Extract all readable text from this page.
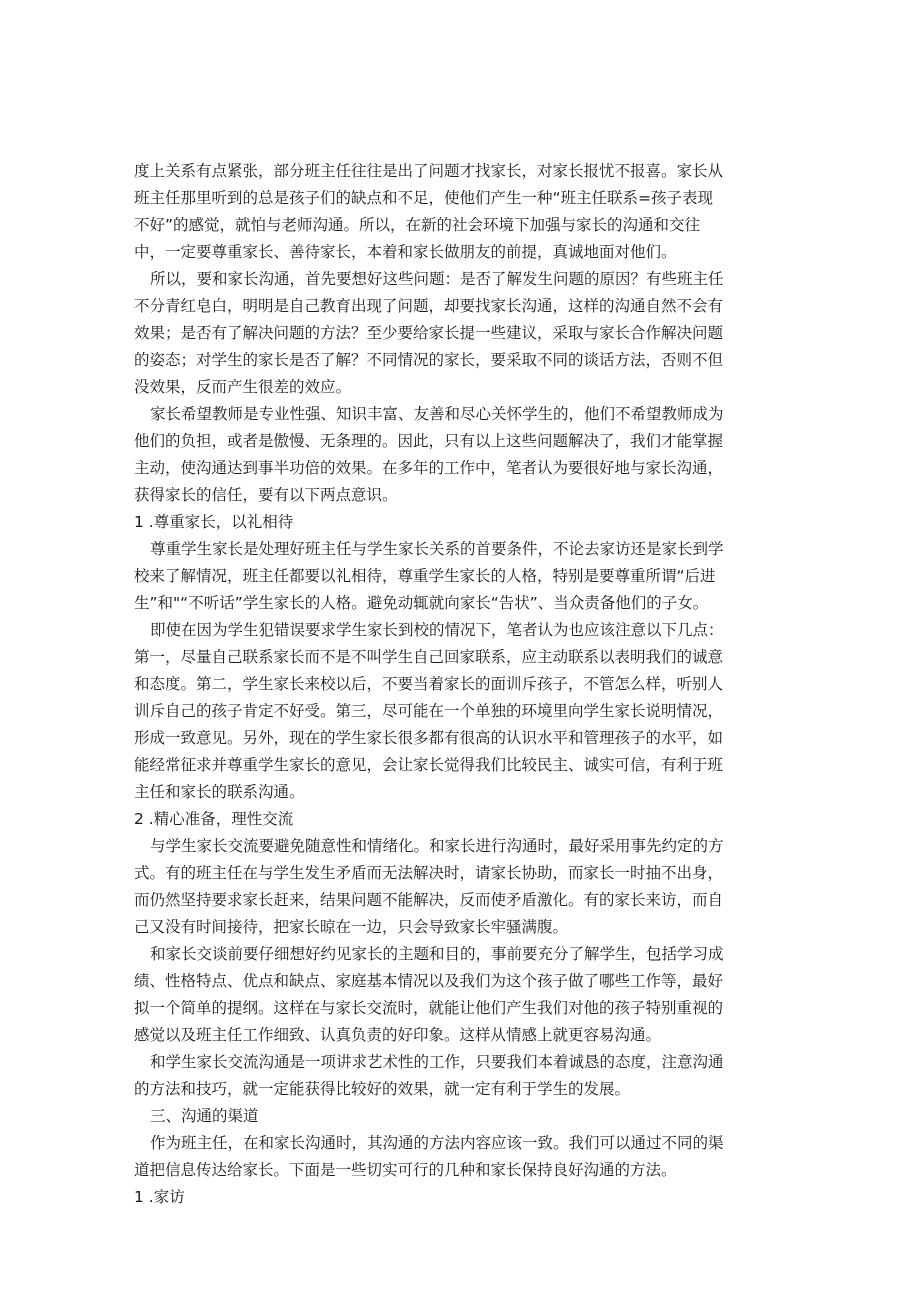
度上关系有点紧张，部分班主任往往是出了问题才找家长，对家长报忧不报喜。家长从
班主任那里听到的总是孩子们的缺点和不足，使他们产生一种“班主任联系=孩子表现
不好”的感觉，就怕与老师沟通。所以，在新的社会环境下加强与家长的沟通和交往
中，一定要尊重家长、善待家长，本着和家长做朋友的前提，真诚地面对他们。
所以，要和家长沟通，首先要想好这些问题：是否了解发生问题的原因？有些班主任
不分青红皂白，明明是自己教育出现了问题，却要找家长沟通，这样的沟通自然不会有
效果；是否有了解决问题的方法？至少要给家长提一些建议，采取与家长合作解决问题
的姿态；对学生的家长是否了解？不同情况的家长，要采取不同的谈话方法，否则不但
没效果，反而产生很差的效应。
家长希望教师是专业性强、知识丰富、友善和尽心关怀学生的，他们不希望教师成为
他们的负担，或者是傲慢、无条理的。因此，只有以上这些问题解决了，我们才能掌握
主动，使沟通达到事半功倍的效果。在多年的工作中，笔者认为要很好地与家长沟通，
获得家长的信任，要有以下两点意识。
1 .尊重家长，以礼相待
尊重学生家长是处理好班主任与学生家长关系的首要条件，不论去家访还是家长到学
校来了解情况，班主任都要以礼相待，尊重学生家长的人格，特别是要尊重所谓“后进
生”和"“不听话”学生家长的人格。避免动辄就向家长“告状”、当众责备他们的子女。
即使在因为学生犯错误要求学生家长到校的情况下，笔者认为也应该注意以下几点：
第一，尽量自己联系家长而不是不叫学生自己回家联系，应主动联系以表明我们的诚意
和态度。第二，学生家长来校以后，不要当着家长的面训斥孩子，不管怎么样，听别人
训斥自己的孩子肯定不好受。第三，尽可能在一个单独的环境里向学生家长说明情况，
形成一致意见。另外，现在的学生家长很多都有很高的认识水平和管理孩子的水平，如
能经常征求并尊重学生家长的意见，会让家长觉得我们比较民主、诚实可信，有利于班
主任和家长的联系沟通。
2 .精心准备，理性交流
与学生家长交流要避免随意性和情绪化。和家长进行沟通时，最好采用事先约定的方
式。有的班主任在与学生发生矛盾而无法解决时，请家长协助，而家长一时抽不出身，
而仍然坚持要求家长赶来，结果问题不能解决，反而使矛盾激化。有的家长来访，而自
己又没有时间接待，把家长晾在一边，只会导致家长牢骚满腹。
和家长交谈前要仔细想好约见家长的主题和目的，事前要充分了解学生，包括学习成
绩、性格特点、优点和缺点、家庭基本情况以及我们为这个孩子做了哪些工作等，最好
拟一个简单的提纲。这样在与家长交流时，就能让他们产生我们对他的孩子特别重视的
感觉以及班主任工作细致、认真负责的好印象。这样从情感上就更容易沟通。
和学生家长交流沟通是一项讲求艺术性的工作，只要我们本着诚恳的态度，注意沟通
的方法和技巧，就一定能获得比较好的效果，就一定有利于学生的发展。
三、沟通的渠道
作为班主任，在和家长沟通时，其沟通的方法内容应该一致。我们可以通过不同的渠
道把信息传达给家长。下面是一些切实可行的几种和家长保持良好沟通的方法。
1 .家访
